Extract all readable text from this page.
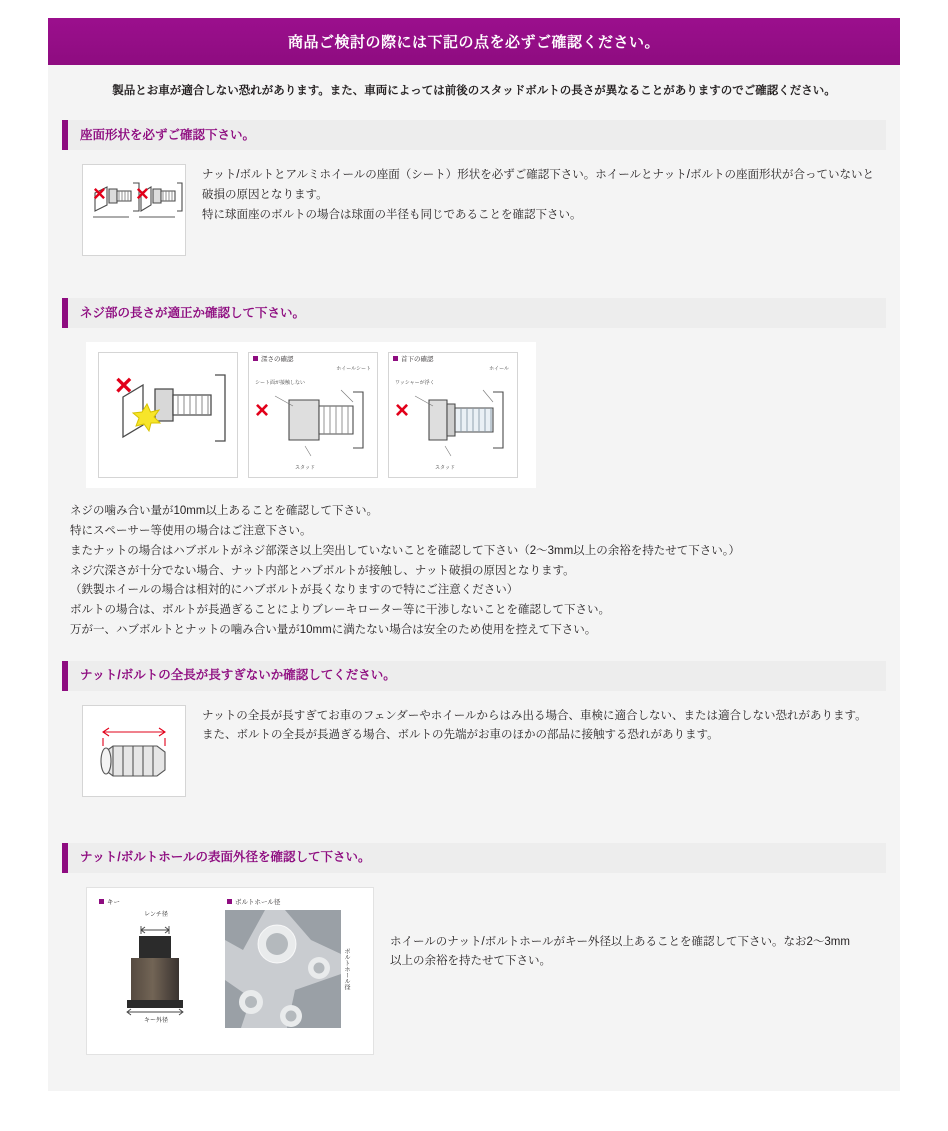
商品ご検討の際には下記の点を必ずご確認ください。
製品とお車が適合しない恐れがあります。また、車両によっては前後のスタッドボルトの長さが異なることがありますのでご確認ください。
座面形状を必ずご確認下さい。
× ×

ナット/ボルトとアルミホイールの座面（シート）形状を必ずご確認下さい。ホイールとナット/ボルトの座面形状が合っていないと破損の原因となります。

特に球面座のボルトの場合は球面の半径も同じであることを確認下さい。

ネジ部の長さが適正か確認して下さい。
×
深さの確認
ホイールシート
シート面が接触しない
スタッド
×
首下の確認
ホイール
ワッシャーが浮く
スタッド
×

ネジの噛み合い量が10mm以上あることを確認して下さい。

特にスペーサー等使用の場合はご注意下さい。

またナットの場合はハブボルトがネジ部深さ以上突出していないことを確認して下さい（2〜3mm以上の余裕を持たせて下さい。）

ネジ穴深さが十分でない場合、ナット内部とハブボルトが接触し、ナット破損の原因となります。

（鉄製ホイールの場合は相対的にハブボルトが長くなりますので特にご注意ください）

ボルトの場合は、ボルトが長過ぎることによりブレーキローター等に干渉しないことを確認して下さい。

万が一、ハブボルトとナットの噛み合い量が10mmに満たない場合は安全のため使用を控えて下さい。

ナット/ボルトの全長が長すぎないか確認してください。

ナットの全長が長すぎてお車のフェンダーやホイールからはみ出る場合、車検に適合しない、または適合しない恐れがあります。

また、ボルトの全長が長過ぎる場合、ボルトの先端がお車のほかの部品に接触する恐れがあります。

ナット/ボルトホールの表面外径を確認して下さい。
キー
レンチ径
キー外径
ボルトホール径
ボルトホール径

ホイールのナット/ボルトホールがキー外径以上あることを確認して下さい。なお2〜3mm

以上の余裕を持たせて下さい。
